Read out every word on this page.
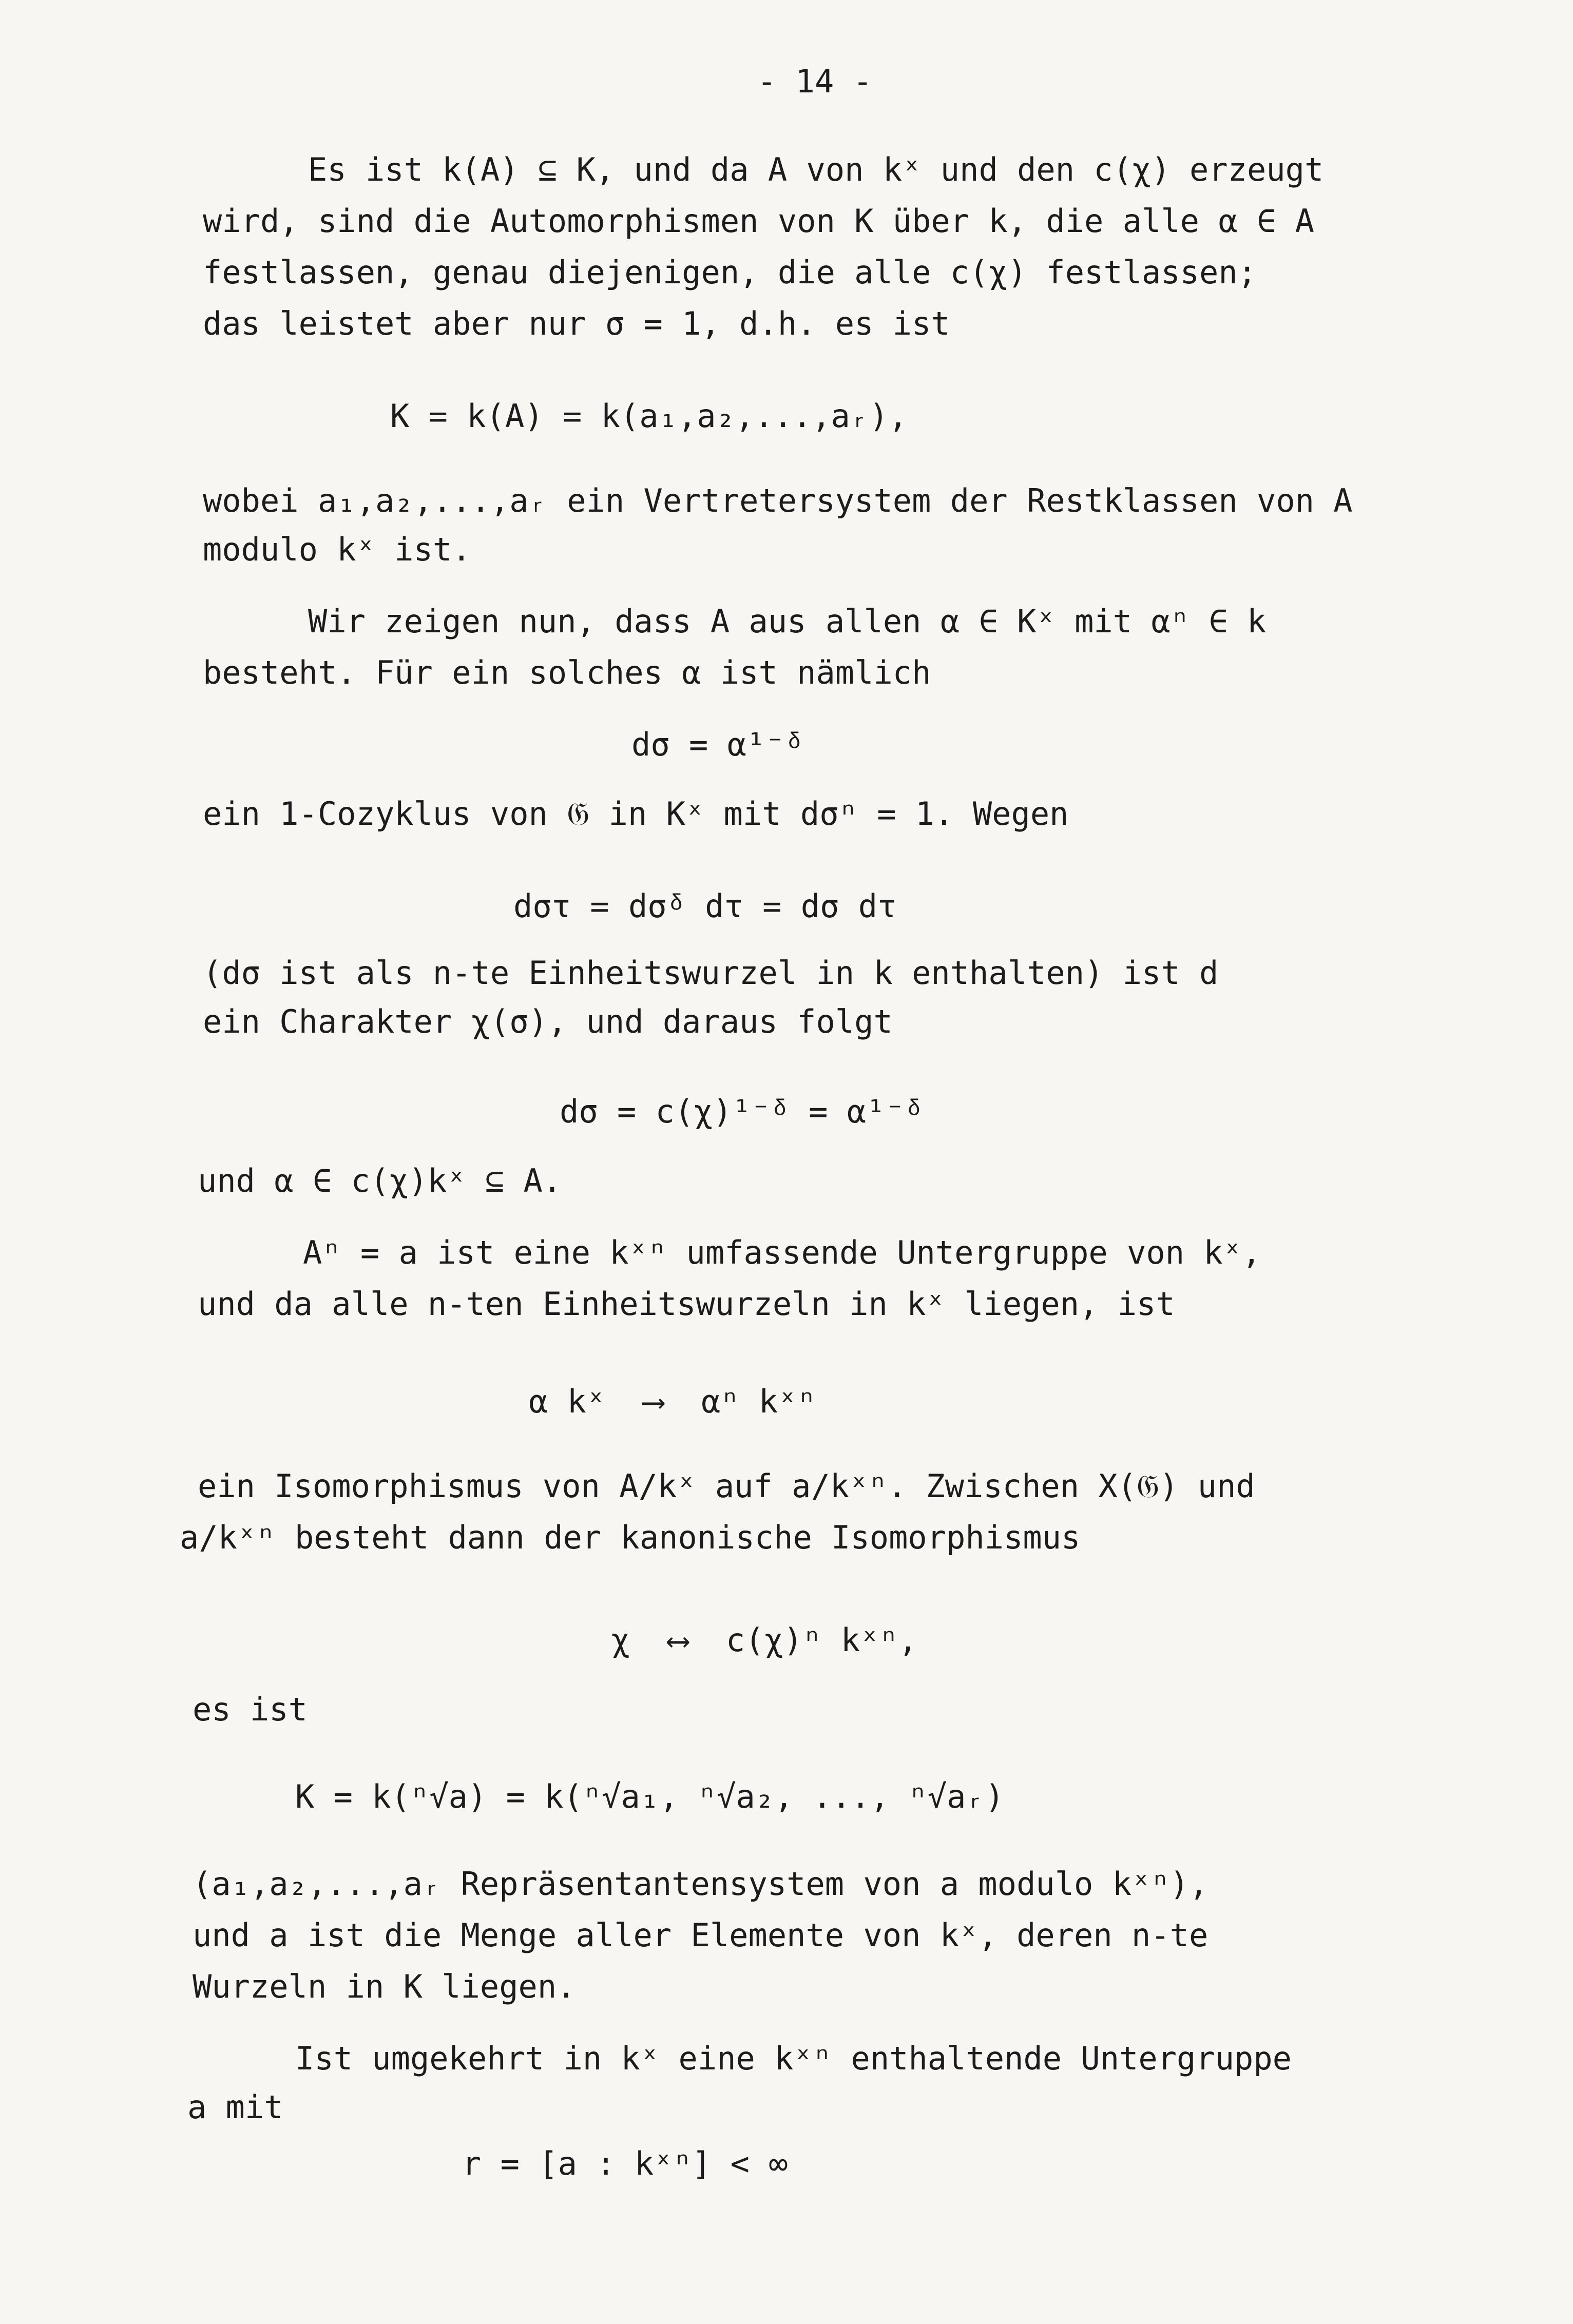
- 14 -
Es ist k(A) ⊆ K, und da A von kˣ und den c(χ) erzeugt
wird, sind die Automorphismen von K über k, die alle α ∈ A
festlassen, genau diejenigen, die alle c(χ) festlassen;
das leistet aber nur σ = 1, d.h. es ist
K = k(A) = k(a₁,a₂,...,aᵣ),
wobei a₁,a₂,...,aᵣ ein Vertretersystem der Restklassen von A
modulo kˣ ist.
Wir zeigen nun, dass A aus allen α ∈ Kˣ mit αⁿ ∈ k
besteht. Für ein solches α ist nämlich
dσ = α¹⁻ᵟ
ein 1-Cozyklus von 𝔊 in Kˣ mit dσⁿ = 1. Wegen
dστ = dσᵟ dτ = dσ dτ
(dσ ist als n-te Einheitswurzel in k enthalten) ist d
ein Charakter χ(σ), und daraus folgt
dσ = c(χ)¹⁻ᵟ = α¹⁻ᵟ
und α ∈ c(χ)kˣ ⊆ A.
Aⁿ = a ist eine kˣⁿ umfassende Untergruppe von kˣ,
und da alle n-ten Einheitswurzeln in kˣ liegen, ist
α kˣ  ⟶  αⁿ kˣⁿ
ein Isomorphismus von A/kˣ auf a/kˣⁿ. Zwischen X(𝔊) und
a/kˣⁿ besteht dann der kanonische Isomorphismus
χ  ⟷  c(χ)ⁿ kˣⁿ,
es ist
K = k(ⁿ√a) = k(ⁿ√a₁, ⁿ√a₂, ..., ⁿ√aᵣ)
(a₁,a₂,...,aᵣ Repräsentantensystem von a modulo kˣⁿ),
und a ist die Menge aller Elemente von kˣ, deren n-te
Wurzeln in K liegen.
Ist umgekehrt in kˣ eine kˣⁿ enthaltende Untergruppe
a mit
r = [a : kˣⁿ] < ∞
